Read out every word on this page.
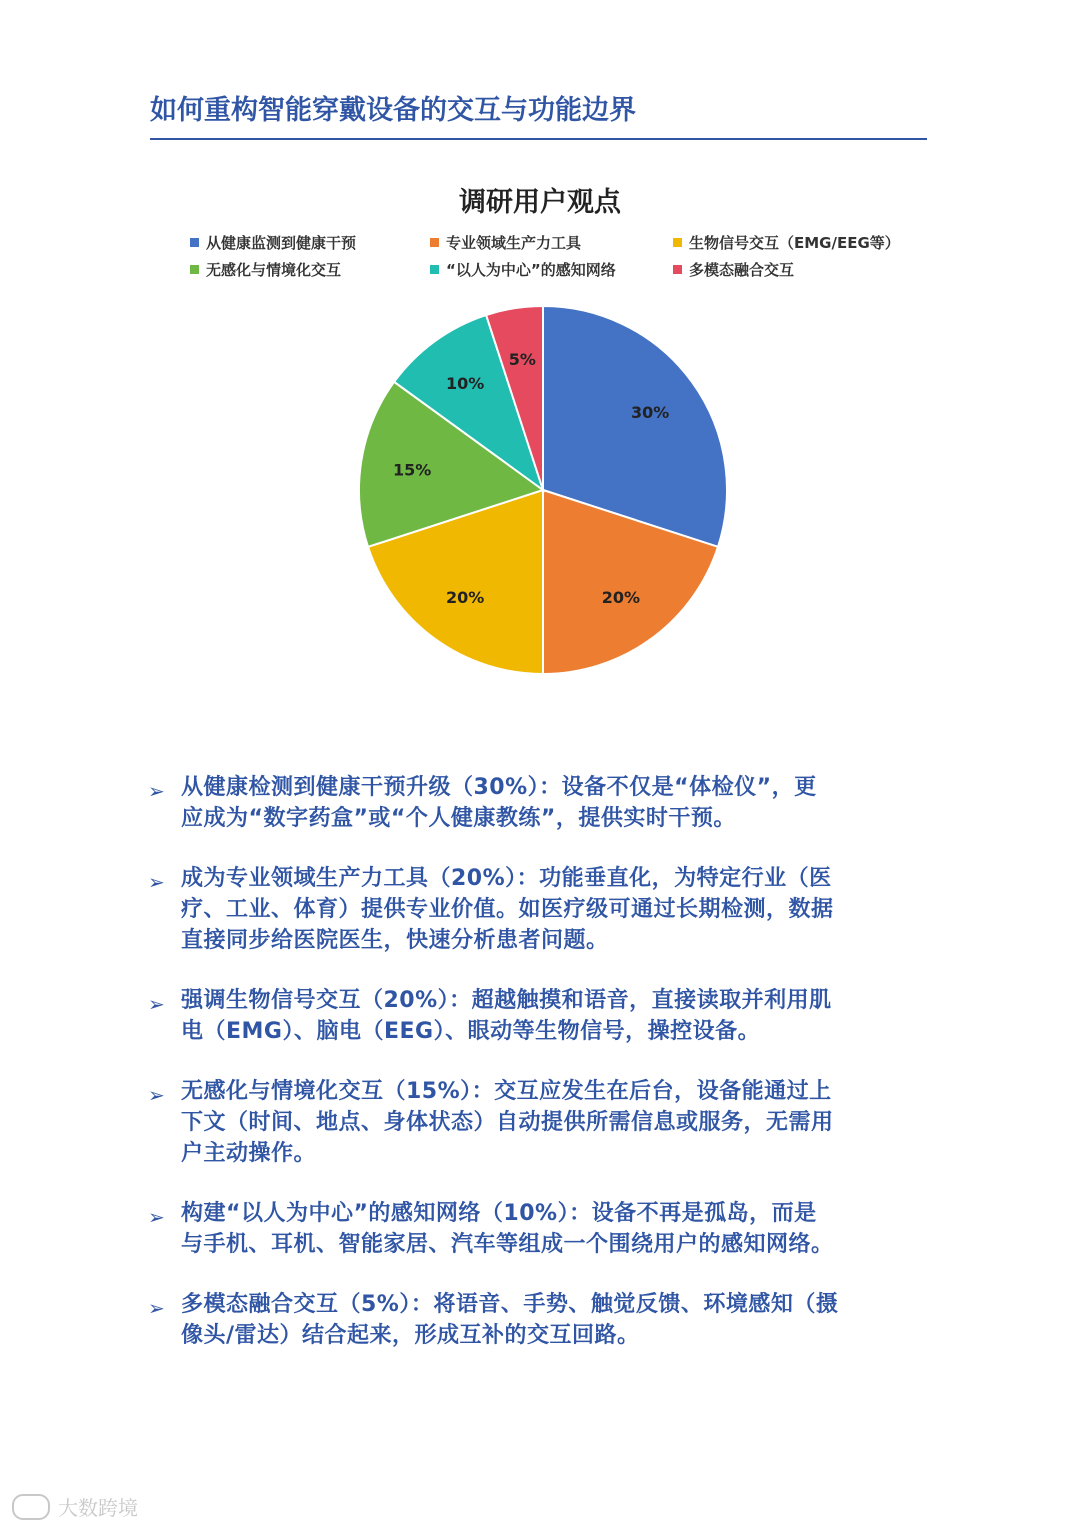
如何重构智能穿戴设备的交互与功能边界
调研用户观点
从健康监测到健康干预	专业领域生产力工具	生物信号交互（EMG/EEG等）
无感化与情境化交互	“以人为中心”的感知网络	多模态融合交互
30%
20%
20%
15%
10%
5%
➢ 从健康检测到健康干预升级（30%）：设备不仅是“体检仪”，更
应成为“数字药盒”或“个人健康教练”，提供实时干预。
➢ 成为专业领域生产力工具（20%）：功能垂直化，为特定行业（医
疗、工业、体育）提供专业价值。如医疗级可通过长期检测，数据
直接同步给医院医生，快速分析患者问题。
➢ 强调生物信号交互（20%）：超越触摸和语音，直接读取并利用肌
电（EMG）、脑电（EEG）、眼动等生物信号，操控设备。
➢ 无感化与情境化交互（15%）：交互应发生在后台，设备能通过上
下文（时间、地点、身体状态）自动提供所需信息或服务，无需用
户主动操作。
➢ 构建“以人为中心”的感知网络（10%）：设备不再是孤岛，而是
与手机、耳机、智能家居、汽车等组成一个围绕用户的感知网络。
➢ 多模态融合交互（5%）：将语音、手势、触觉反馈、环境感知（摄
像头/雷达）结合起来，形成互补的交互回路。
大数跨境
